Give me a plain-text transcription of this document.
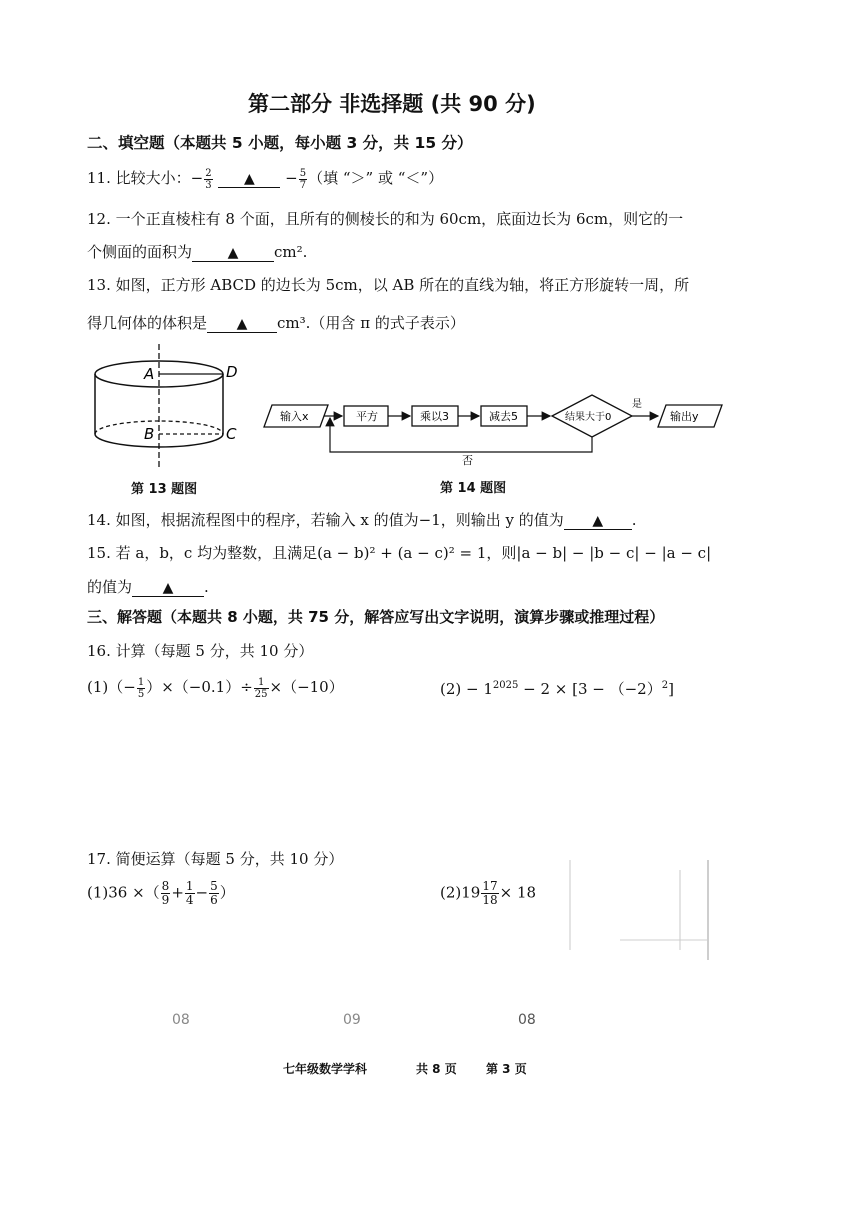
第二部分 非选择题 (共 90 分)
二、填空题（本题共 5 小题，每小题 3 分，共 15 分）
11. 比较大小：− $\frac{2}{3}$ ▲ − $\frac{5}{7}$ （填 “＞” 或 “＜”）
12. 一个正直棱柱有 8 个面，且所有的侧棱长的和为 60cm，底面边长为 6cm，则它的一
个侧面的面积为	▲ cm².
13. 如图，正方形 ABCD 的边长为 5cm，以 AB 所在的直线为轴，将正方形旋转一周，所
得几何体的体积是 ▲ cm³.（用含 π 的式子表示）
A	D
B	C
第 13 题图
输入x	平方	乘以3	减去5	结果大于0
是
输出y
否
第 14 题图
14. 如图，根据流程图中的程序，若输入 x 的值为−1，则输出 y 的值为 ▲ .
15. 若 a，b，c 均为整数，且满足(a − b)² + (a − c)² = 1，则|a − b| − |b − c| − |a − c|
的值为 ▲ .
三、解答题（本题共 8 小题，共 75 分，解答应写出文字说明，演算步骤或推理过程）
16. 计算（每题 5 分，共 10 分）
$(1)(- \frac{1}{5} )\times(-0.1)\div \frac{1}{25} \times(-10)$	$(2) - 1^{2025} - 2 \times [3 - (-2)^2]$
17. 简便运算（每题 5 分，共 10 分）
(1)36 ×（ $\frac{8}{9} + \frac{1}{4} - \frac{5}{6}$ ）	$(2)19 \frac{17}{18} \times 18$
08	09	08
七年级数学学科	共 8 页 第 3 页
